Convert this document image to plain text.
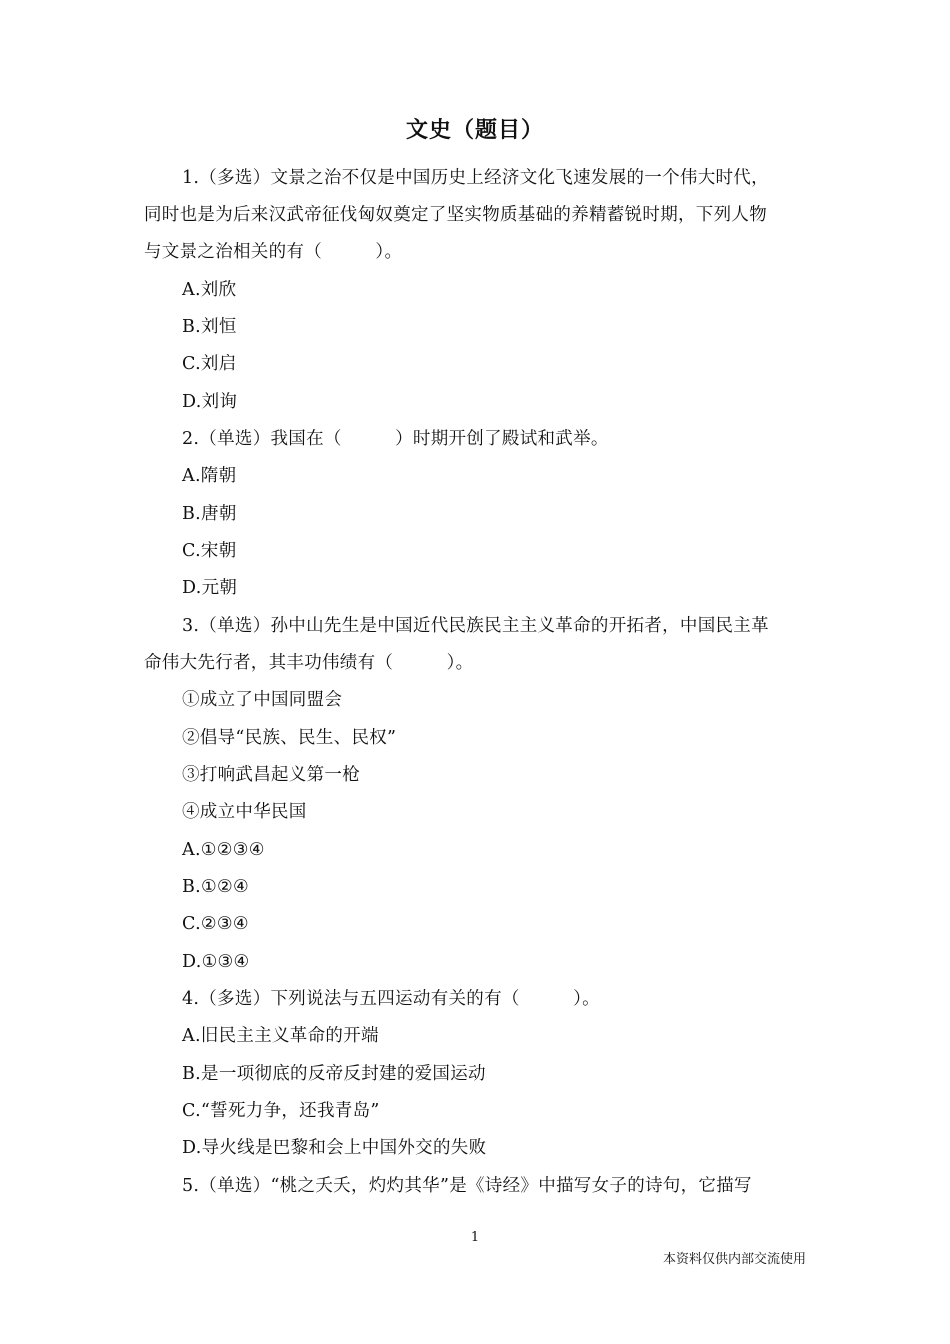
文史（题目）
1.（多选）文景之治不仅是中国历史上经济文化飞速发展的一个伟大时代，
同时也是为后来汉武帝征伐匈奴奠定了坚实物质基础的养精蓄锐时期，下列人物
与文景之治相关的有（　　　）。
A.刘欣
B.刘恒
C.刘启
D.刘询
2.（单选）我国在（　　　）时期开创了殿试和武举。
A.隋朝
B.唐朝
C.宋朝
D.元朝
3.（单选）孙中山先生是中国近代民族民主主义革命的开拓者，中国民主革
命伟大先行者，其丰功伟绩有（　　　）。
①成立了中国同盟会
②倡导“民族、民生、民权”
③打响武昌起义第一枪
④成立中华民国
A.①②③④
B.①②④
C.②③④
D.①③④
4.（多选）下列说法与五四运动有关的有（　　　）。
A.旧民主主义革命的开端
B.是一项彻底的反帝反封建的爱国运动
C.“誓死力争，还我青岛”
D.导火线是巴黎和会上中国外交的失败
5.（单选）“桃之夭夭，灼灼其华”是《诗经》中描写女子的诗句，它描写
1
本资料仅供内部交流使用
